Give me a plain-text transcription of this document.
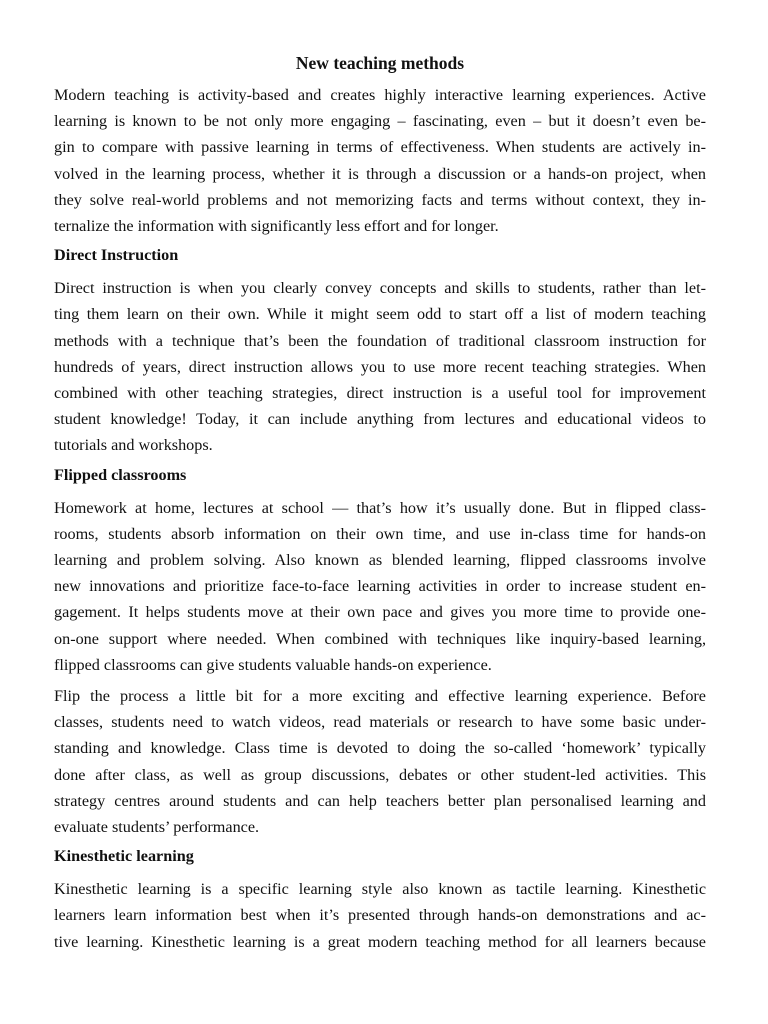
New teaching methods
Modern teaching is activity-based and creates highly interactive learning experiences. Active
learning is known to be not only more engaging – fascinating, even – but it doesn’t even be-
gin to compare with passive learning in terms of effectiveness. When students are actively in-
volved in the learning process, whether it is through a discussion or a hands-on project, when
they solve real-world problems and not memorizing facts and terms without context, they in-
ternalize the information with significantly less effort and for longer.
Direct Instruction
Direct instruction is when you clearly convey concepts and skills to students, rather than let-
ting them learn on their own. While it might seem odd to start off a list of modern teaching
methods with a technique that’s been the foundation of traditional classroom instruction for
hundreds of years, direct instruction allows you to use more recent teaching strategies. When
combined with other teaching strategies, direct instruction is a useful tool for improvement
student knowledge! Today, it can include anything from lectures and educational videos to
tutorials and workshops.
Flipped classrooms
Homework at home, lectures at school — that’s how it’s usually done. But in flipped class-
rooms, students absorb information on their own time, and use in-class time for hands-on
learning and problem solving. Also known as blended learning, flipped classrooms involve
new innovations and prioritize face-to-face learning activities in order to increase student en-
gagement. It helps students move at their own pace and gives you more time to provide one-
on-one support where needed. When combined with techniques like inquiry-based learning,
flipped classrooms can give students valuable hands-on experience.
Flip the process a little bit for a more exciting and effective learning experience. Before
classes, students need to watch videos, read materials or research to have some basic under-
standing and knowledge. Class time is devoted to doing the so-called ‘homework’ typically
done after class, as well as group discussions, debates or other student-led activities. This
strategy centres around students and can help teachers better plan personalised learning and
evaluate students’ performance.
Kinesthetic learning
Kinesthetic learning is a specific learning style also known as tactile learning. Kinesthetic
learners learn information best when it’s presented through hands-on demonstrations and ac-
tive learning. Kinesthetic learning is a great modern teaching method for all learners because
